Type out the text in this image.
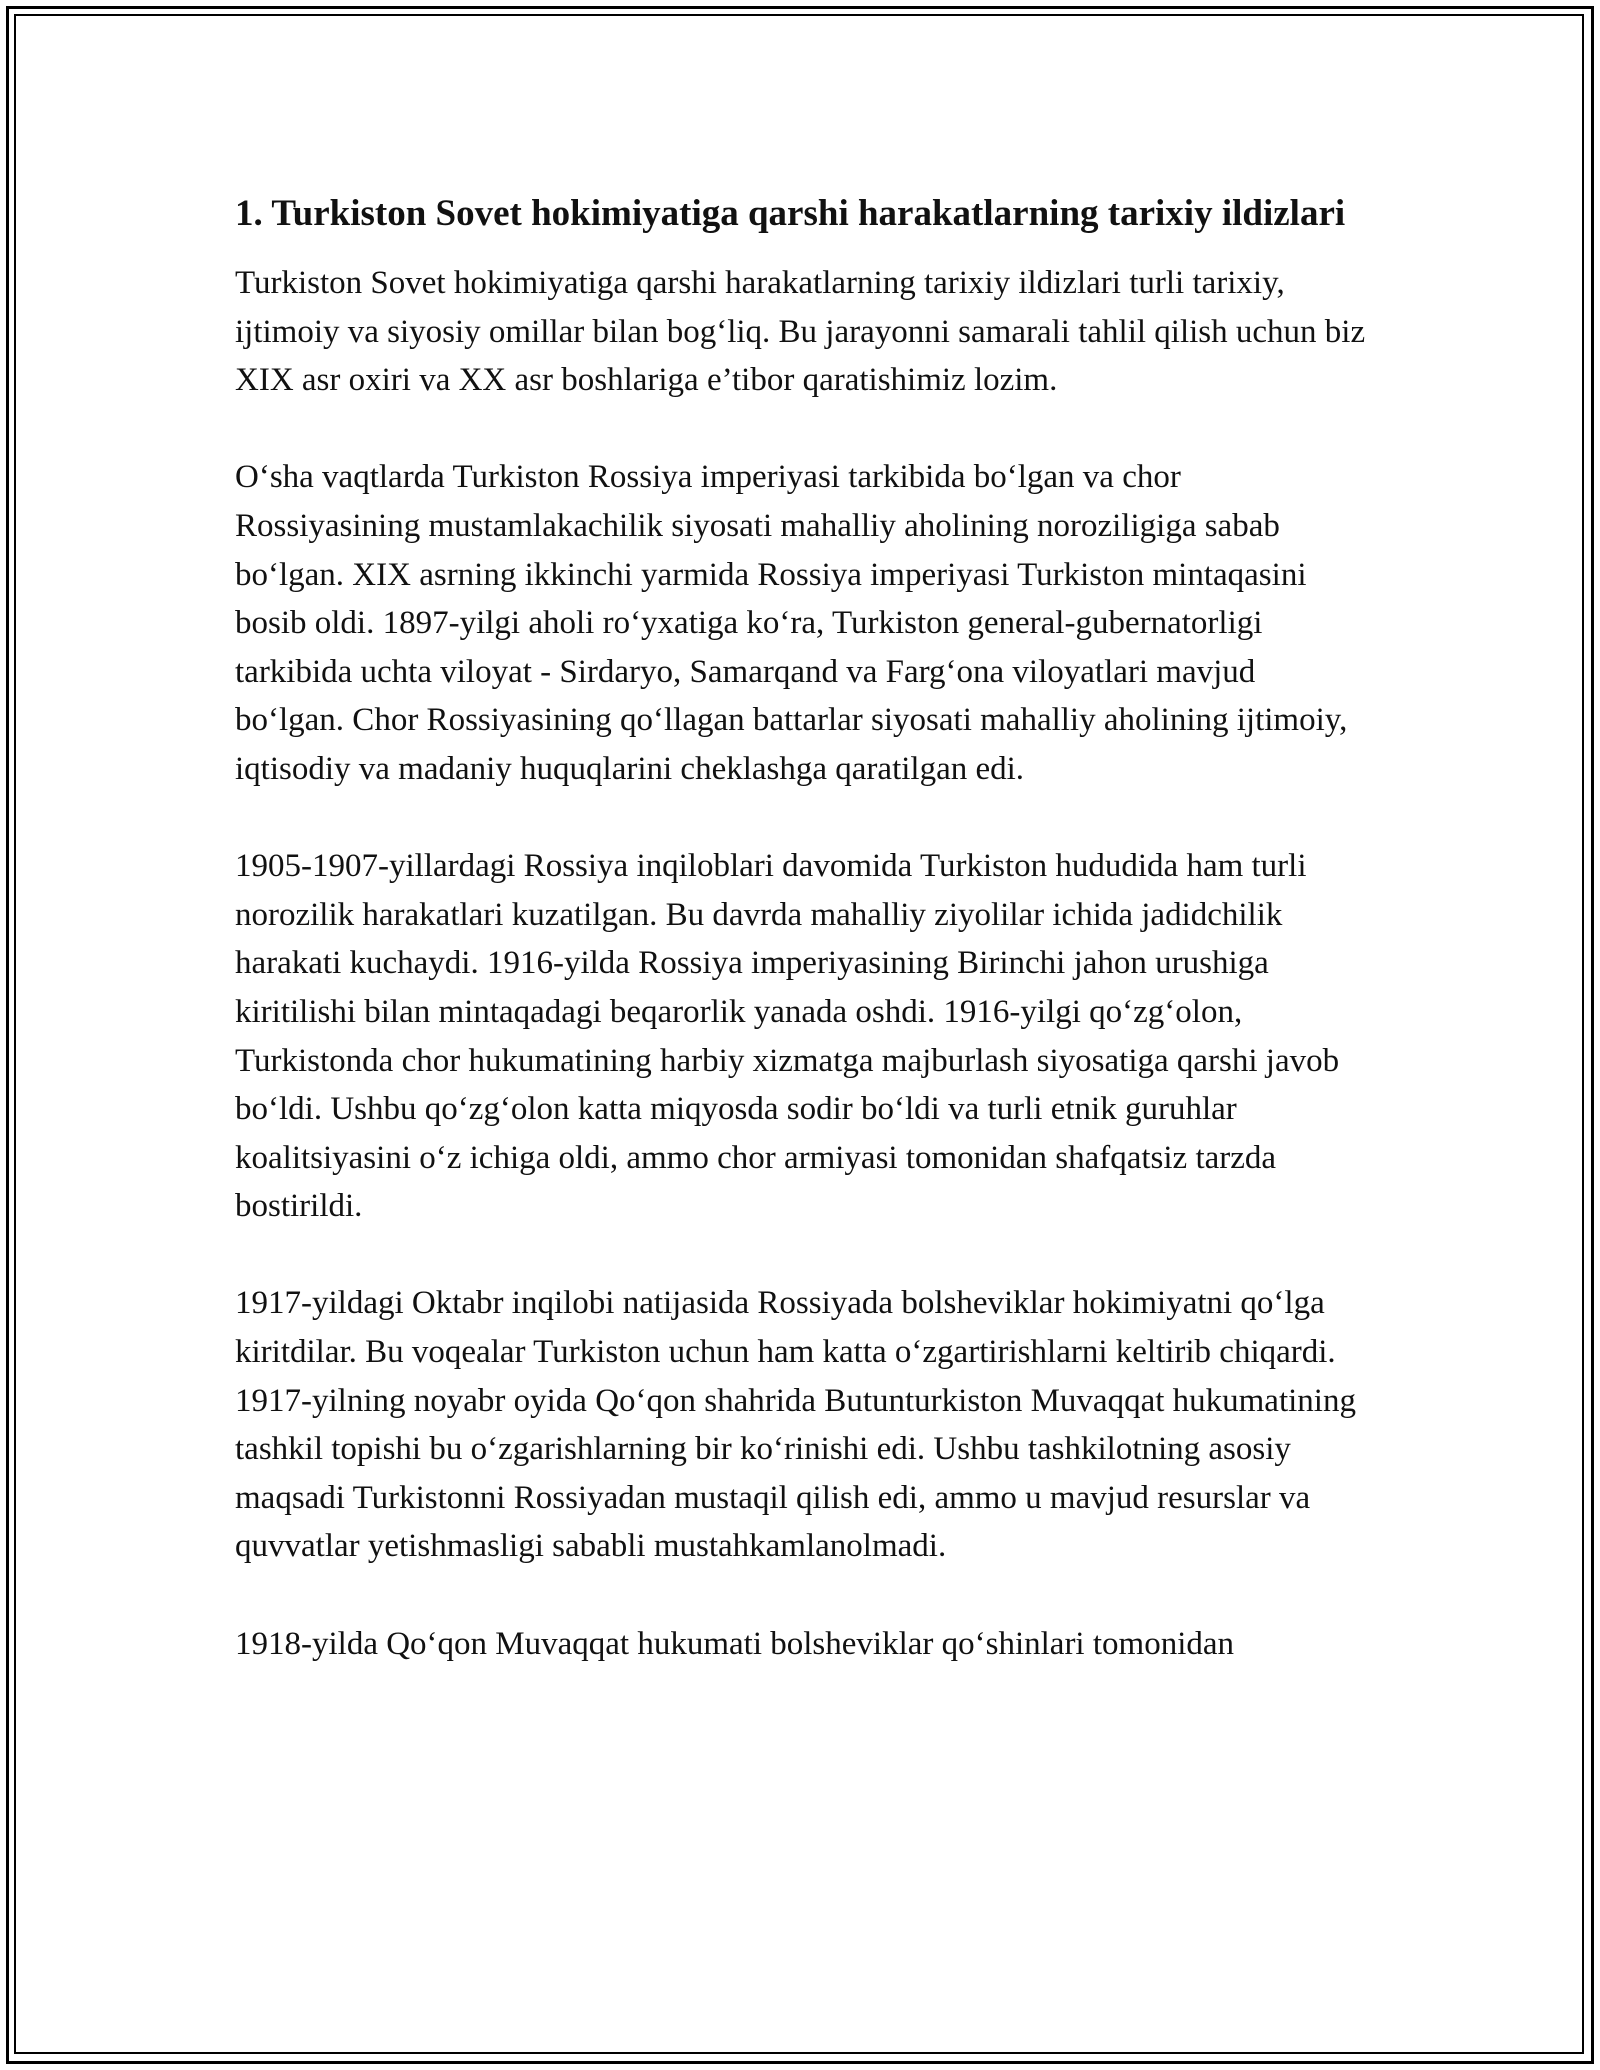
1. Turkiston Sovet hokimiyatiga qarshi harakatlarning tarixiy ildizlari

Turkiston Sovet hokimiyatiga qarshi harakatlarning tarixiy ildizlari turli tarixiy, ijtimoiy va siyosiy omillar bilan bog‘liq. Bu jarayonni samarali tahlil qilish uchun biz XIX asr oxiri va XX asr boshlariga e’tibor qaratishimiz lozim.

O‘sha vaqtlarda Turkiston Rossiya imperiyasi tarkibida bo‘lgan va chor Rossiyasining mustamlakachilik siyosati mahalliy aholining noroziligiga sabab bo‘lgan. XIX asrning ikkinchi yarmida Rossiya imperiyasi Turkiston mintaqasini bosib oldi. 1897-yilgi aholi ro‘yxatiga ko‘ra, Turkiston general-gubernatorligi tarkibida uchta viloyat - Sirdaryo, Samarqand va Farg‘ona viloyatlari mavjud bo‘lgan. Chor Rossiyasining qo‘llagan battarlar siyosati mahalliy aholining ijtimoiy, iqtisodiy va madaniy huquqlarini cheklashga qaratilgan edi.

1905-1907-yillardagi Rossiya inqiloblari davomida Turkiston hududida ham turli norozilik harakatlari kuzatilgan. Bu davrda mahalliy ziyolilar ichida jadidchilik harakati kuchaydi. 1916-yilda Rossiya imperiyasining Birinchi jahon urushiga kiritilishi bilan mintaqadagi beqarorlik yanada oshdi. 1916-yilgi qo‘zg‘olon, Turkistonda chor hukumatining harbiy xizmatga majburlash siyosatiga qarshi javob bo‘ldi. Ushbu qo‘zg‘olon katta miqyosda sodir bo‘ldi va turli etnik guruhlar koalitsiyasini o‘z ichiga oldi, ammo chor armiyasi tomonidan shafqatsiz tarzda bostirildi.

1917-yildagi Oktabr inqilobi natijasida Rossiyada bolsheviklar hokimiyatni qo‘lga kiritdilar. Bu voqealar Turkiston uchun ham katta o‘zgartirishlarni keltirib chiqardi. 1917-yilning noyabr oyida Qo‘qon shahrida Butunturkiston Muvaqqat hukumatining tashkil topishi bu o‘zgarishlarning bir ko‘rinishi edi. Ushbu tashkilotning asosiy maqsadi Turkistonni Rossiyadan mustaqil qilish edi, ammo u mavjud resurslar va quvvatlar yetishmasligi sababli mustahkamlanolmadi.

1918-yilda Qo‘qon Muvaqqat hukumati bolsheviklar qo‘shinlari tomonidan
